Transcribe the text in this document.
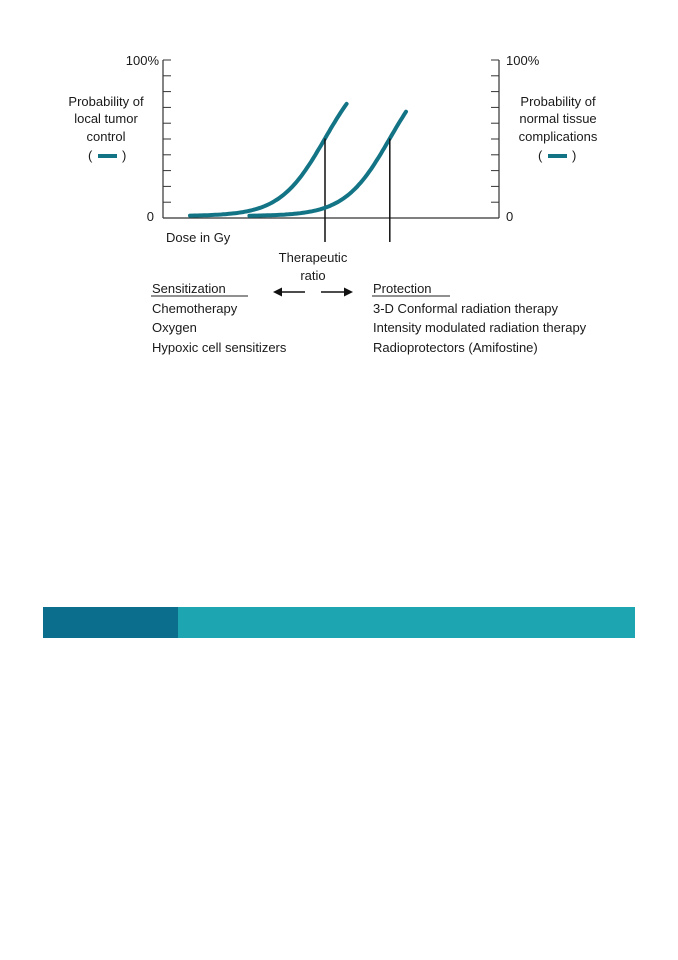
100%
0
Probability of
local tumor
control
( )
100%
0
Probability of
normal tissue
complications
( )
Dose in Gy
Therapeutic
ratio
Sensitization
Chemotherapy
Oxygen
Hypoxic cell sensitizers
Protection
3-D Conformal radiation therapy
Intensity modulated radiation therapy
Radioprotectors (Amifostine)
